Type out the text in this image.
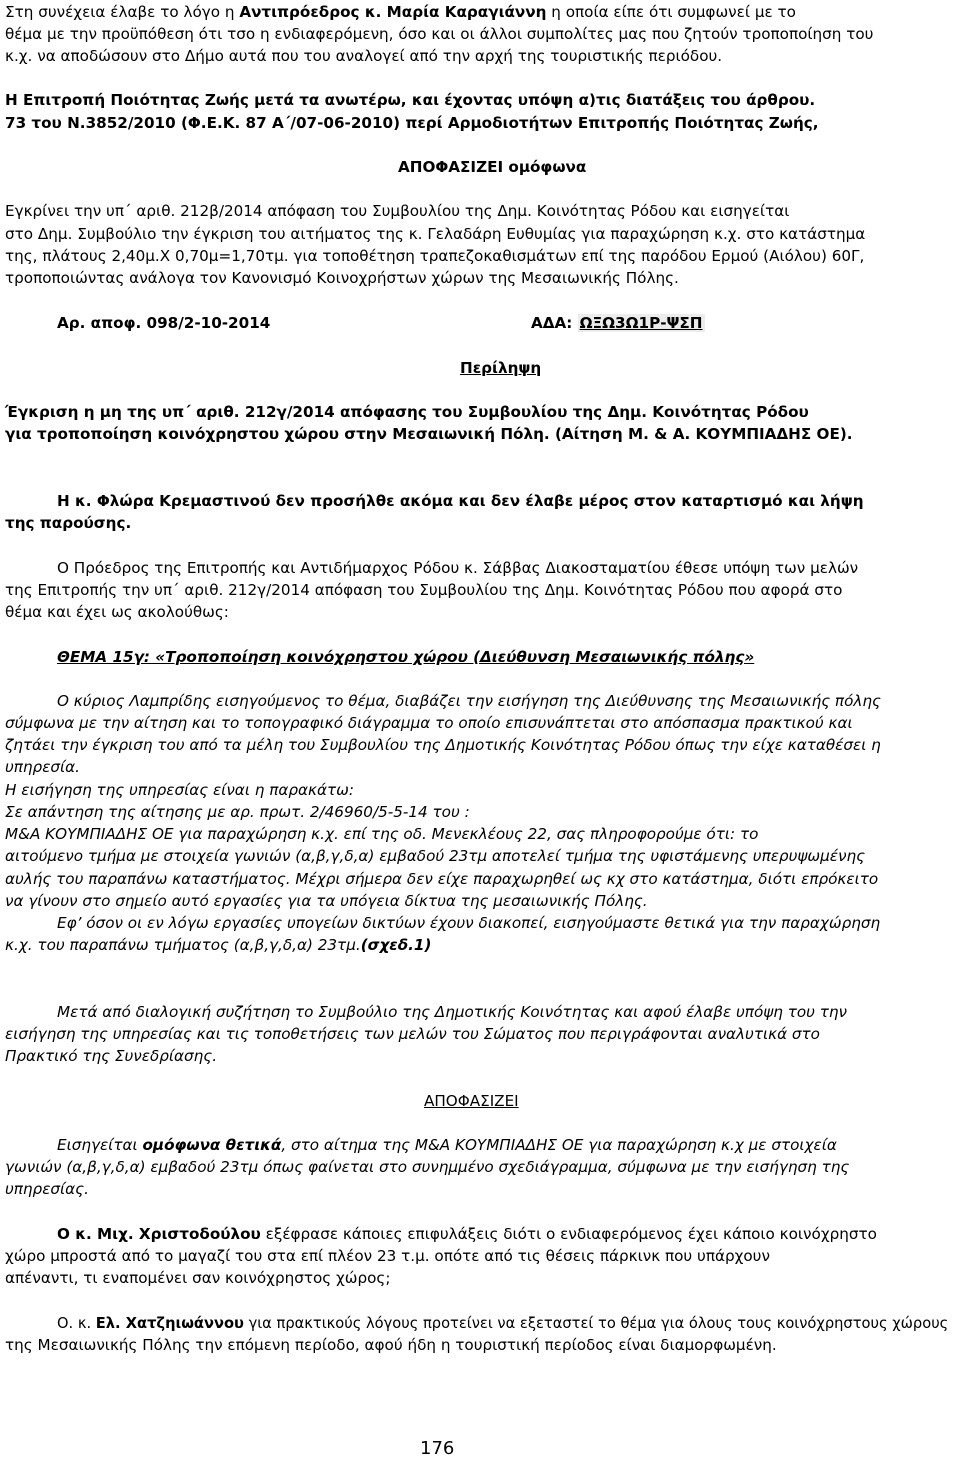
Στη συνέχεια έλαβε το λόγο η Αντιπρόεδρος κ. Μαρία Καραγιάννη η οποία είπε ότι συμφωνεί με το
θέμα με την προϋπόθεση ότι τσο η ενδιαφερόμενη, όσο και οι άλλοι συμπολίτες μας που ζητούν τροποποίηση του
κ.χ. να αποδώσουν στο Δήμο αυτά που του αναλογεί από την αρχή της τουριστικής περιόδου.
Η Επιτροπή Ποιότητας Ζωής μετά τα ανωτέρω, και έχοντας υπόψη α)τις διατάξεις του άρθρου.
73 του Ν.3852/2010 (Φ.Ε.Κ. 87 Α΄/07-06-2010) περί Αρμοδιοτήτων Επιτροπής Ποιότητας Ζωής,
ΑΠΟΦΑΣΙΖΕΙ ομόφωνα
Εγκρίνει την υπ΄ αριθ. 212β/2014 απόφαση του Συμβουλίου της Δημ. Κοινότητας Ρόδου και εισηγείται
στο Δημ. Συμβούλιο την έγκριση του αιτήματος της κ. Γελαδάρη Ευθυμίας για παραχώρηση κ.χ. στο κατάστημα
της, πλάτους 2,40μ.Χ 0,70μ=1,70τμ. για τοποθέτηση τραπεζοκαθισμάτων επί της παρόδου Ερμού (Αιόλου) 60Γ,
τροποποιώντας ανάλογα τον Κανονισμό Κοινοχρήστων χώρων της Μεσαιωνικής Πόλης.
Αρ. αποφ. 098/2-10-2014	ΑΔΑ: ΩΞΩ3Ω1Ρ-ΨΣΠ
Περίληψη
Έγκριση η μη της υπ΄ αριθ. 212γ/2014 απόφασης του Συμβουλίου της Δημ. Κοινότητας Ρόδου
για τροποποίηση κοινόχρηστου χώρου στην Μεσαιωνική Πόλη. (Αίτηση Μ. & Α. ΚΟΥΜΠΙΑΔΗΣ ΟΕ).
Η κ. Φλώρα Κρεμαστινού δεν προσήλθε ακόμα και δεν έλαβε μέρος στον καταρτισμό και λήψη
της παρούσης.
Ο Πρόεδρος της Επιτροπής και Αντιδήμαρχος Ρόδου κ. Σάββας Διακοσταματίου έθεσε υπόψη των μελών
της Επιτροπής την υπ΄ αριθ. 212γ/2014 απόφαση του Συμβουλίου της Δημ. Κοινότητας Ρόδου που αφορά στο
θέμα και έχει ως ακολούθως:
ΘΕΜΑ 15γ: «Τροποποίηση κοινόχρηστου χώρου (Διεύθυνση Μεσαιωνικής πόλης»
Ο κύριος Λαμπρίδης εισηγούμενος το θέμα, διαβάζει την εισήγηση της Διεύθυνσης της Μεσαιωνικής πόλης
σύμφωνα με την αίτηση και το τοπογραφικό διάγραμμα το οποίο επισυνάπτεται στο απόσπασμα πρακτικού και
ζητάει την έγκριση του από τα μέλη του Συμβουλίου της Δημοτικής Κοινότητας Ρόδου όπως την είχε καταθέσει η
υπηρεσία.
Η εισήγηση της υπηρεσίας είναι η παρακάτω:
Σε απάντηση της αίτησης με αρ. πρωτ. 2/46960/5-5-14 του :
Μ&Α ΚΟΥΜΠΙΑΔΗΣ ΟΕ για παραχώρηση κ.χ. επί της οδ. Μενεκλέους 22, σας πληροφορούμε ότι: το
αιτούμενο τμήμα με στοιχεία γωνιών (α,β,γ,δ,α) εμβαδού 23τμ αποτελεί τμήμα της υφιστάμενης υπερυψωμένης
αυλής του παραπάνω καταστήματος. Μέχρι σήμερα δεν είχε παραχωρηθεί ως κχ στο κατάστημα, διότι επρόκειτο
να γίνουν στο σημείο αυτό εργασίες για τα υπόγεια δίκτυα της μεσαιωνικής Πόλης.
Εφ’ όσον οι εν λόγω εργασίες υπογείων δικτύων έχουν διακοπεί, εισηγούμαστε θετικά για την παραχώρηση
κ.χ. του παραπάνω τμήματος (α,β,γ,δ,α) 23τμ.(σχεδ.1)
Μετά από διαλογική συζήτηση το Συμβούλιο της Δημοτικής Κοινότητας και αφού έλαβε υπόψη του την
εισήγηση της υπηρεσίας και τις τοποθετήσεις των μελών του Σώματος που περιγράφονται αναλυτικά στο
Πρακτικό της Συνεδρίασης.
ΑΠΟΦΑΣΙΖΕΙ
Εισηγείται ομόφωνα θετικά, στο αίτημα της Μ&Α ΚΟΥΜΠΙΑΔΗΣ ΟΕ για παραχώρηση κ.χ με στοιχεία
γωνιών (α,β,γ,δ,α) εμβαδού 23τμ όπως φαίνεται στο συνημμένο σχεδιάγραμμα, σύμφωνα με την εισήγηση της
υπηρεσίας.
Ο κ. Μιχ. Χριστοδούλου εξέφρασε κάποιες επιφυλάξεις διότι ο ενδιαφερόμενος έχει κάποιο κοινόχρηστο
χώρο μπροστά από το μαγαζί του στα επί πλέον 23 τ.μ. οπότε από τις θέσεις πάρκινκ που υπάρχουν
απέναντι, τι εναπομένει σαν κοινόχρηστος χώρος;
Ο. κ. Ελ. Χατζηιωάννου για πρακτικούς λόγους προτείνει να εξεταστεί το θέμα για όλους τους κοινόχρηστους χώρους
της Μεσαιωνικής Πόλης την επόμενη περίοδο, αφού ήδη η τουριστική περίοδος είναι διαμορφωμένη.
176
